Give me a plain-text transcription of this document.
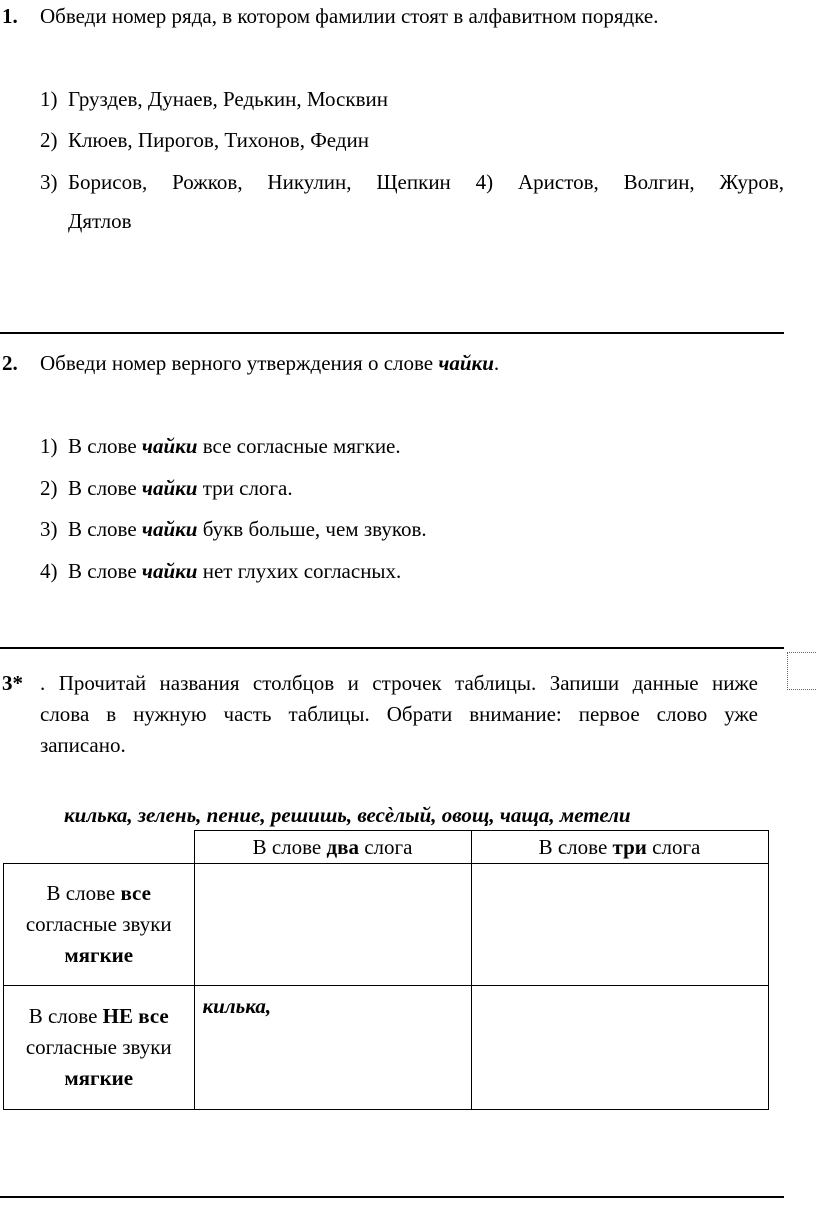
1. Обведи номер ряда, в котором фамилии стоят в алфавитном порядке.
1) Груздев, Дунаев, Редькин, Москвин
2) Клюев, Пирогов, Тихонов, Федин
3) Борисов, Рожков, Никулин, Щепкин 4) Аристов, Волгин, Журов,
Дятлов
2. Обведи номер верного утверждения о слове чайки.
1) В слове чайки все согласные мягкие.
2) В слове чайки три слога.
3) В слове чайки букв больше, чем звуков.
4) В слове чайки нет глухих согласных.
3* . Прочитай названия столбцов и строчек таблицы. Запиши данные ниже
слова в нужную часть таблицы. Обрати внимание: первое слово уже
записано.
килька, зелень, пение, решишь, весѐлый, овощ, чаща, метели
	В слове два слога	В слове три слога

В слове все
согласные звуки
мягкие		

В слове НЕ все
согласные звуки
мягкие	килька,	
